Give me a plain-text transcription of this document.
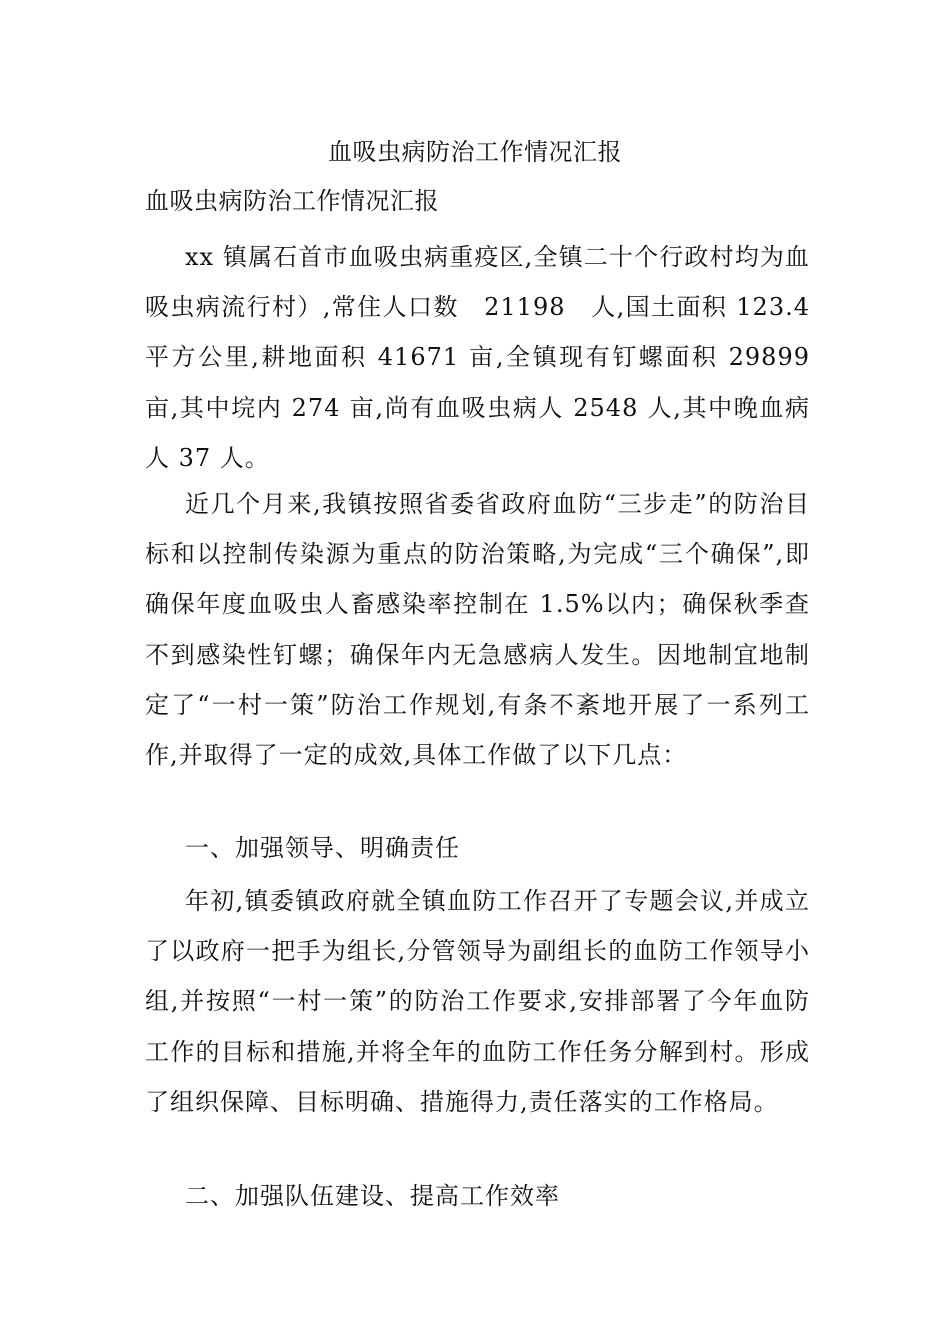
血吸虫病防治工作情况汇报
血吸虫病防治工作情况汇报

xx 镇属石首市血吸虫病重疫区,全镇二十个行政村均为血吸虫病流行村）,常住人口数　21198　人,国土面积 123.4 平方公里,耕地面积 41671 亩,全镇现有钉螺面积 29899 亩,其中垸内 274 亩,尚有血吸虫病人 2548 人,其中晚血病人 37 人。

近几个月来,我镇按照省委省政府血防“三步走”的防治目标和以控制传染源为重点的防治策略,为完成“三个确保”,即确保年度血吸虫人畜感染率控制在 1.5%以内；确保秋季查不到感染性钉螺；确保年内无急感病人发生。因地制宜地制定了“一村一策”防治工作规划,有条不紊地开展了一系列工作,并取得了一定的成效,具体工作做了以下几点：

一、加强领导、明确责任

年初,镇委镇政府就全镇血防工作召开了专题会议,并成立了以政府一把手为组长,分管领导为副组长的血防工作领导小组,并按照“一村一策”的防治工作要求,安排部署了今年血防工作的目标和措施,并将全年的血防工作任务分解到村。形成了组织保障、目标明确、措施得力,责任落实的工作格局。

二、加强队伍建设、提高工作效率
